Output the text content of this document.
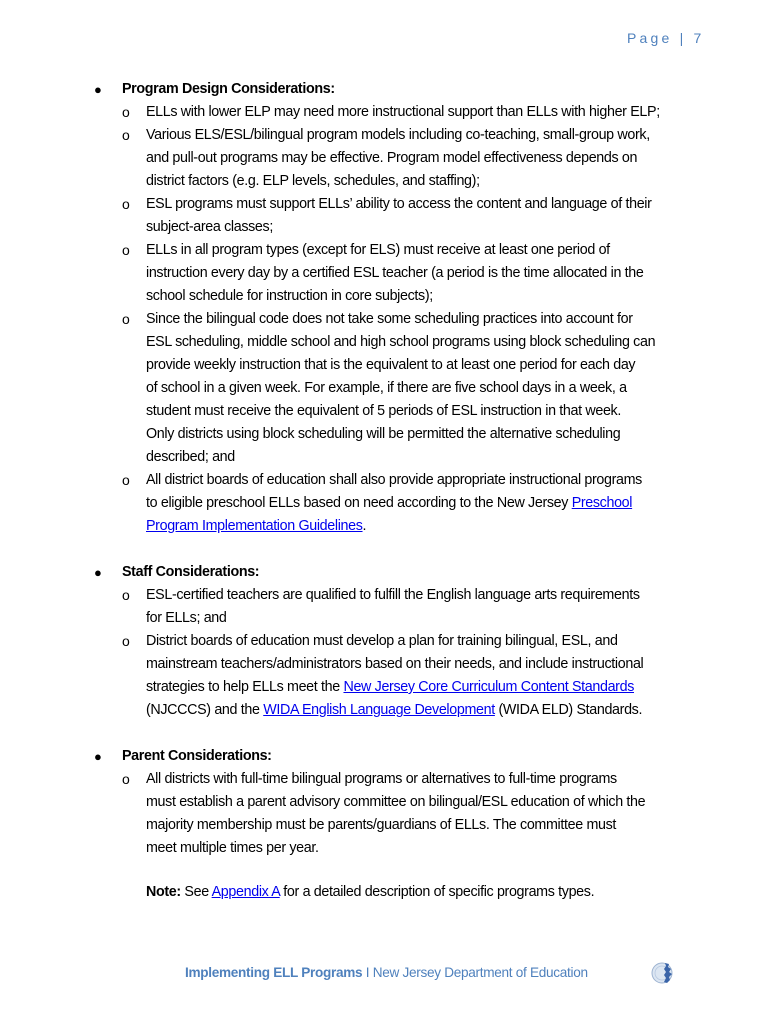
Page | 7
● Program Design Considerations:
o ELLs with lower ELP may need more instructional support than ELLs with higher ELP;
o Various ELS/ESL/bilingual program models including co-teaching, small-group work,
and pull-out programs may be effective. Program model effectiveness depends on
district factors (e.g. ELP levels, schedules, and staffing);
o ESL programs must support ELLs’ ability to access the content and language of their
subject-area classes;
o ELLs in all program types (except for ELS) must receive at least one period of
instruction every day by a certified ESL teacher (a period is the time allocated in the
school schedule for instruction in core subjects);
o Since the bilingual code does not take some scheduling practices into account for
ESL scheduling, middle school and high school programs using block scheduling can
provide weekly instruction that is the equivalent to at least one period for each day
of school in a given week. For example, if there are five school days in a week, a
student must receive the equivalent of 5 periods of ESL instruction in that week.
Only districts using block scheduling will be permitted the alternative scheduling
described; and
o All district boards of education shall also provide appropriate instructional programs
to eligible preschool ELLs based on need according to the New Jersey Preschool
Program Implementation Guidelines.
● Staff Considerations:
o ESL-certified teachers are qualified to fulfill the English language arts requirements
for ELLs; and
o District boards of education must develop a plan for training bilingual, ESL, and
mainstream teachers/administrators based on their needs, and include instructional
strategies to help ELLs meet the New Jersey Core Curriculum Content Standards
(NJCCCS) and the WIDA English Language Development (WIDA ELD) Standards.
● Parent Considerations:
o All districts with full-time bilingual programs or alternatives to full-time programs
must establish a parent advisory committee on bilingual/ESL education of which the
majority membership must be parents/guardians of ELLs. The committee must
meet multiple times per year.
Note: See Appendix A for a detailed description of specific programs types.
Implementing ELL Programs I New Jersey Department of Education
